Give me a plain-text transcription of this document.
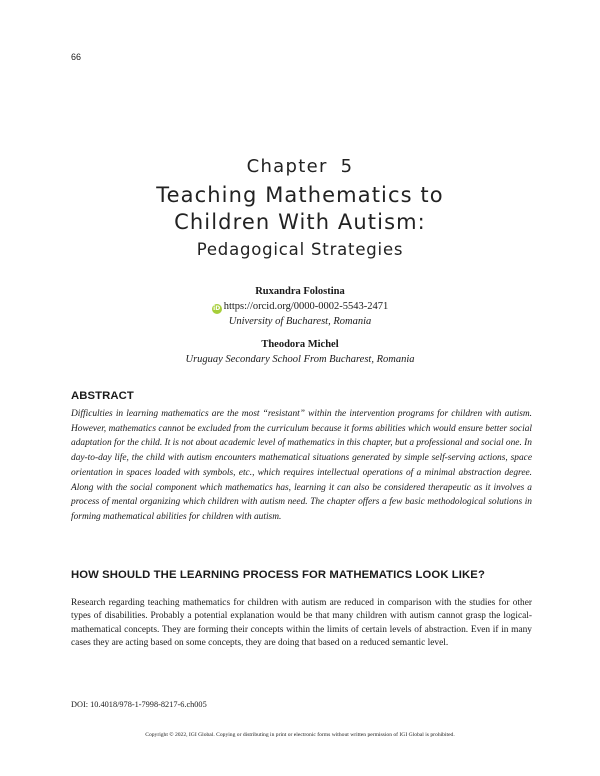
66
Chapter 5
Teaching Mathematics to
Children With Autism:
Pedagogical Strategies
Ruxandra Folostina
iD https://orcid.org/0000-0002-5543-2471
University of Bucharest, Romania
Theodora Michel
Uruguay Secondary School From Bucharest, Romania
ABSTRACT
Difficulties in learning mathematics are the most “resistant” within the intervention programs for children with autism. However, mathematics cannot be excluded from the curriculum because it forms abilities which would ensure better social adaptation for the child. It is not about academic level of mathematics in this chapter, but a professional and social one. In day-to-day life, the child with autism encounters mathematical situations generated by simple self-serving actions, space orientation in spaces loaded with symbols, etc., which requires intellectual operations of a minimal abstraction degree. Along with the social component which mathematics has, learning it can also be considered therapeutic as it involves a process of mental organizing which children with autism need. The chapter offers a few basic methodological solutions in forming mathematical abilities for children with autism.
HOW SHOULD THE LEARNING PROCESS FOR MATHEMATICS LOOK LIKE?
Research regarding teaching mathematics for children with autism are reduced in comparison with the studies for other types of disabilities. Probably a potential explanation would be that many children with autism cannot grasp the logical-mathematical concepts. They are forming their concepts within the limits of certain levels of abstraction. Even if in many cases they are acting based on some concepts, they are doing that based on a reduced semantic level.
DOI: 10.4018/978-1-7998-8217-6.ch005
Copyright © 2022, IGI Global. Copying or distributing in print or electronic forms without written permission of IGI Global is prohibited.
